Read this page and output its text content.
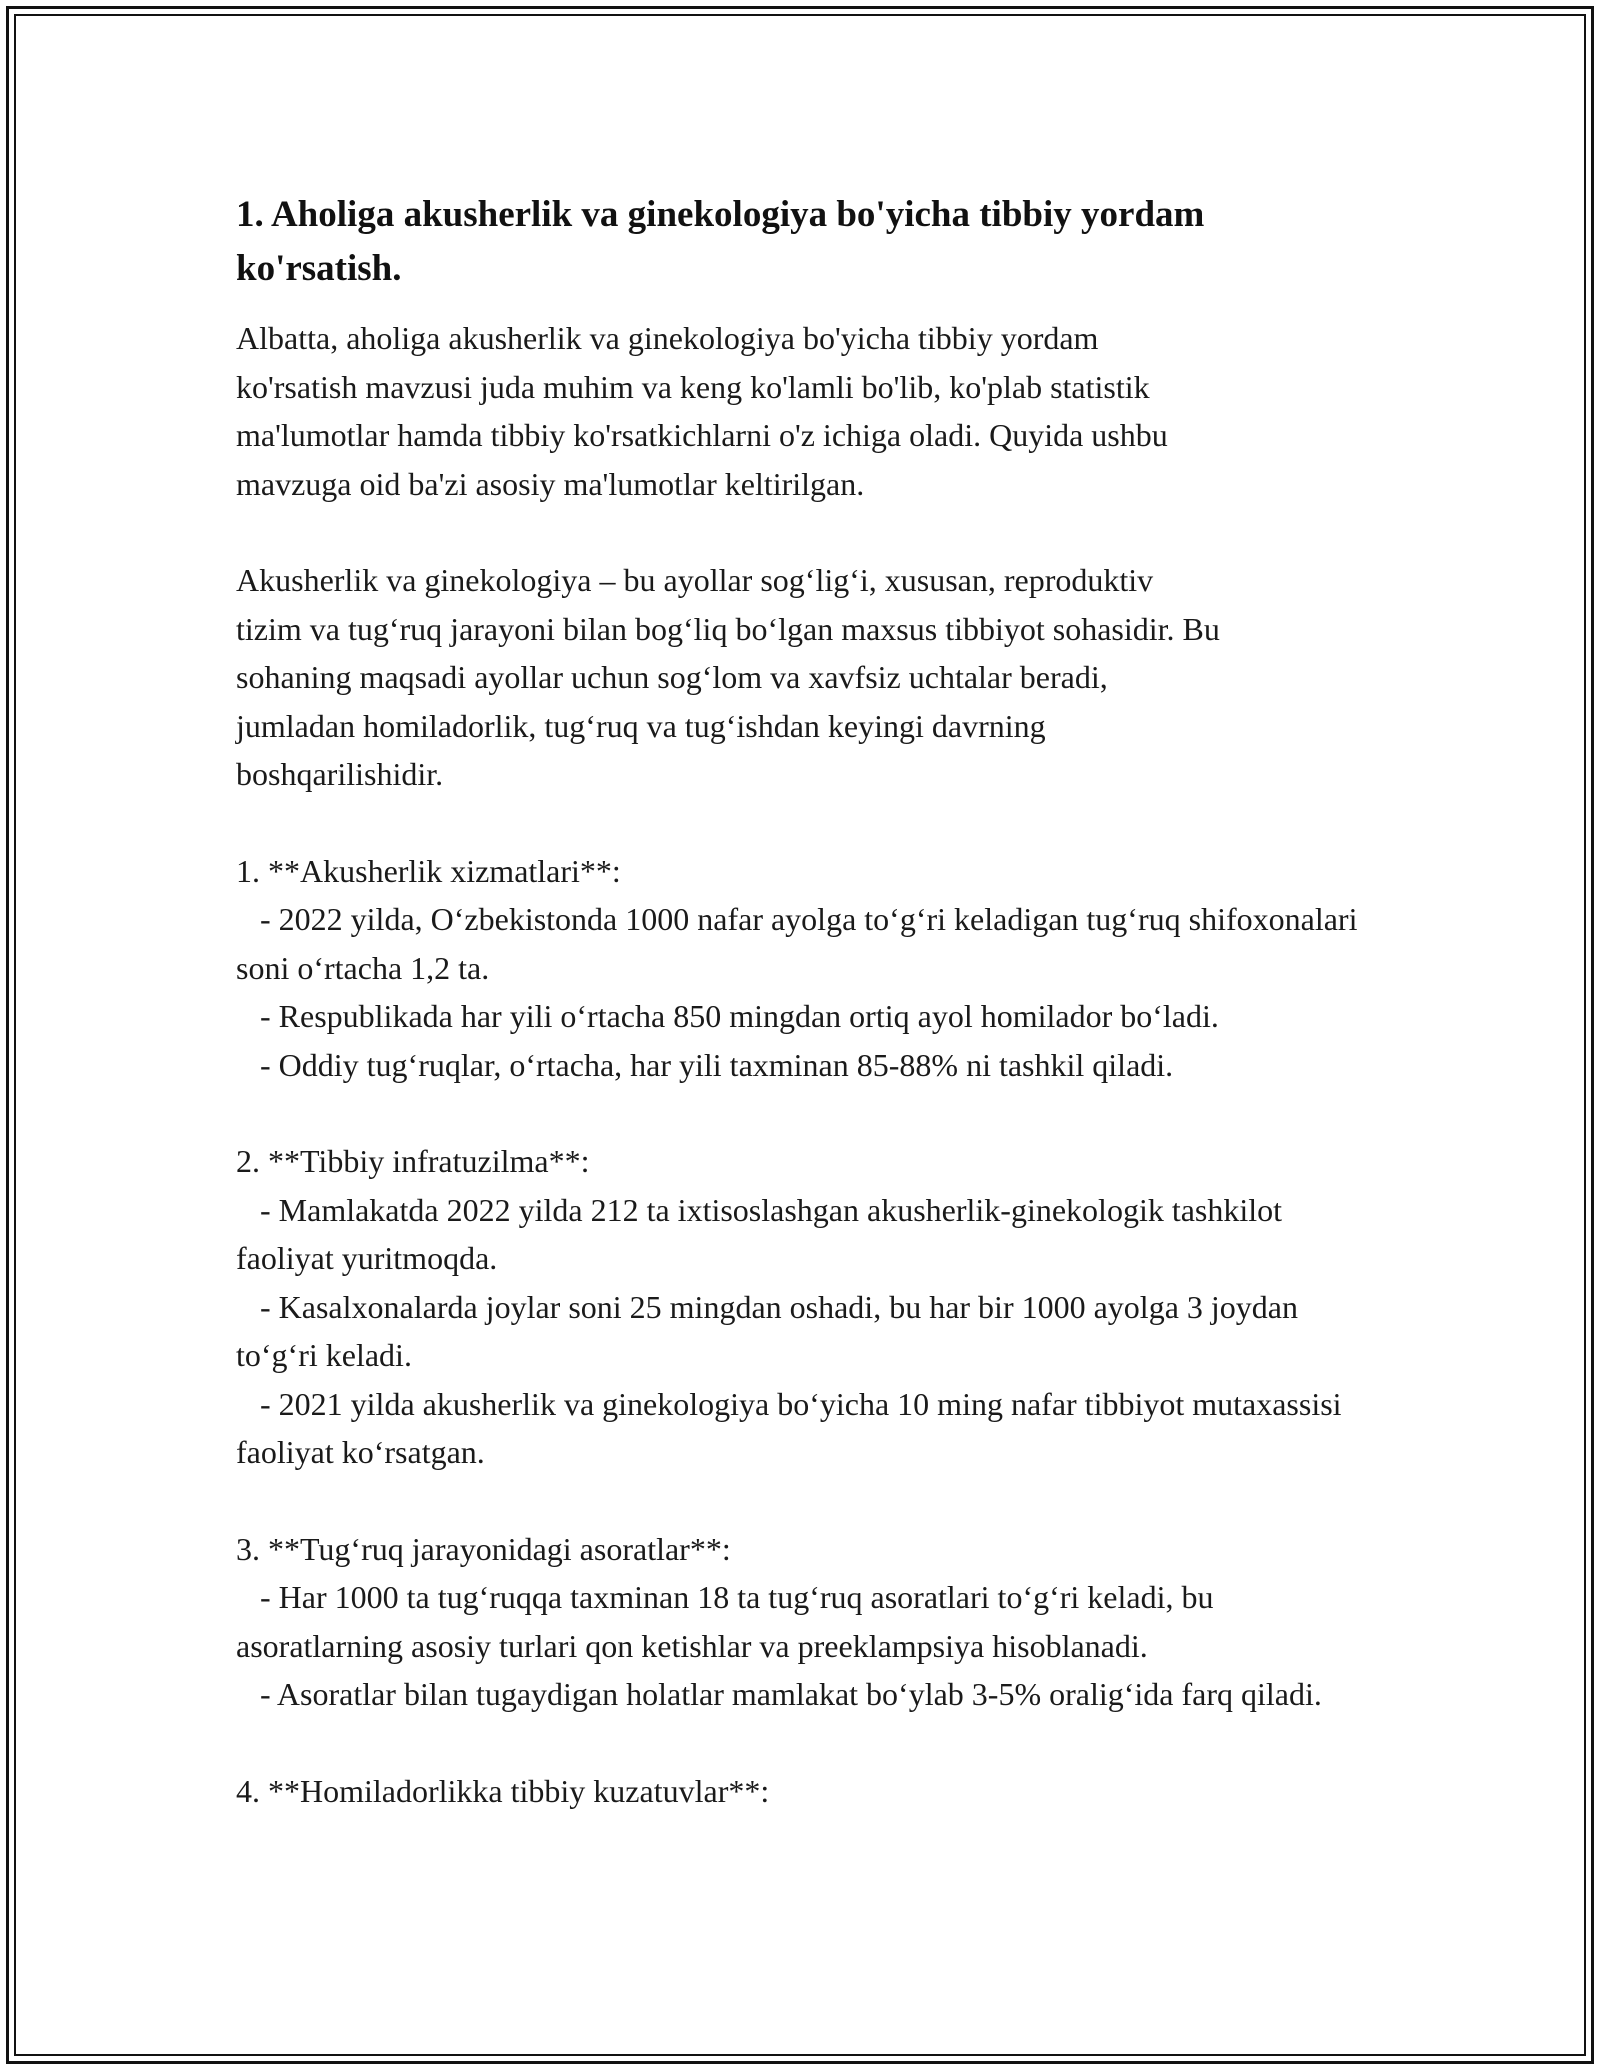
1. Aholiga akusherlik va ginekologiya bo'yicha tibbiy yordam ko'rsatish.

Albatta, aholiga akusherlik va ginekologiya bo'yicha tibbiy yordam
ko'rsatish mavzusi juda muhim va keng ko'lamli bo'lib, ko'plab statistik
ma'lumotlar hamda tibbiy ko'rsatkichlarni o'z ichiga oladi. Quyida ushbu
mavzuga oid ba'zi asosiy ma'lumotlar keltirilgan.

Akusherlik va ginekologiya – bu ayollar sog‘lig‘i, xususan, reproduktiv
tizim va tug‘ruq jarayoni bilan bog‘liq bo‘lgan maxsus tibbiyot sohasidir. Bu
sohaning maqsadi ayollar uchun sog‘lom va xavfsiz uchtalar beradi,
jumladan homiladorlik, tug‘ruq va tug‘ishdan keyingi davrning
boshqarilishidir.

1. **Akusherlik xizmatlari**:

- 2022 yilda, O‘zbekistonda 1000 nafar ayolga to‘g‘ri keladigan tug‘ruq shifoxonalari soni o‘rtacha 1,2 ta.

- Respublikada har yili o‘rtacha 850 mingdan ortiq ayol homilador bo‘ladi.

- Oddiy tug‘ruqlar, o‘rtacha, har yili taxminan 85-88% ni tashkil qiladi.

2. **Tibbiy infratuzilma**:

- Mamlakatda 2022 yilda 212 ta ixtisoslashgan akusherlik-ginekologik tashkilot faoliyat yuritmoqda.

- Kasalxonalarda joylar soni 25 mingdan oshadi, bu har bir 1000 ayolga 3 joydan to‘g‘ri keladi.

- 2021 yilda akusherlik va ginekologiya bo‘yicha 10 ming nafar tibbiyot mutaxassisi faoliyat ko‘rsatgan.

3. **Tug‘ruq jarayonidagi asoratlar**:

- Har 1000 ta tug‘ruqqa taxminan 18 ta tug‘ruq asoratlari to‘g‘ri keladi, bu asoratlarning asosiy turlari qon ketishlar va preeklampsiya hisoblanadi.

- Asoratlar bilan tugaydigan holatlar mamlakat bo‘ylab 3-5% oralig‘ida farq qiladi.

4. **Homiladorlikka tibbiy kuzatuvlar**:
